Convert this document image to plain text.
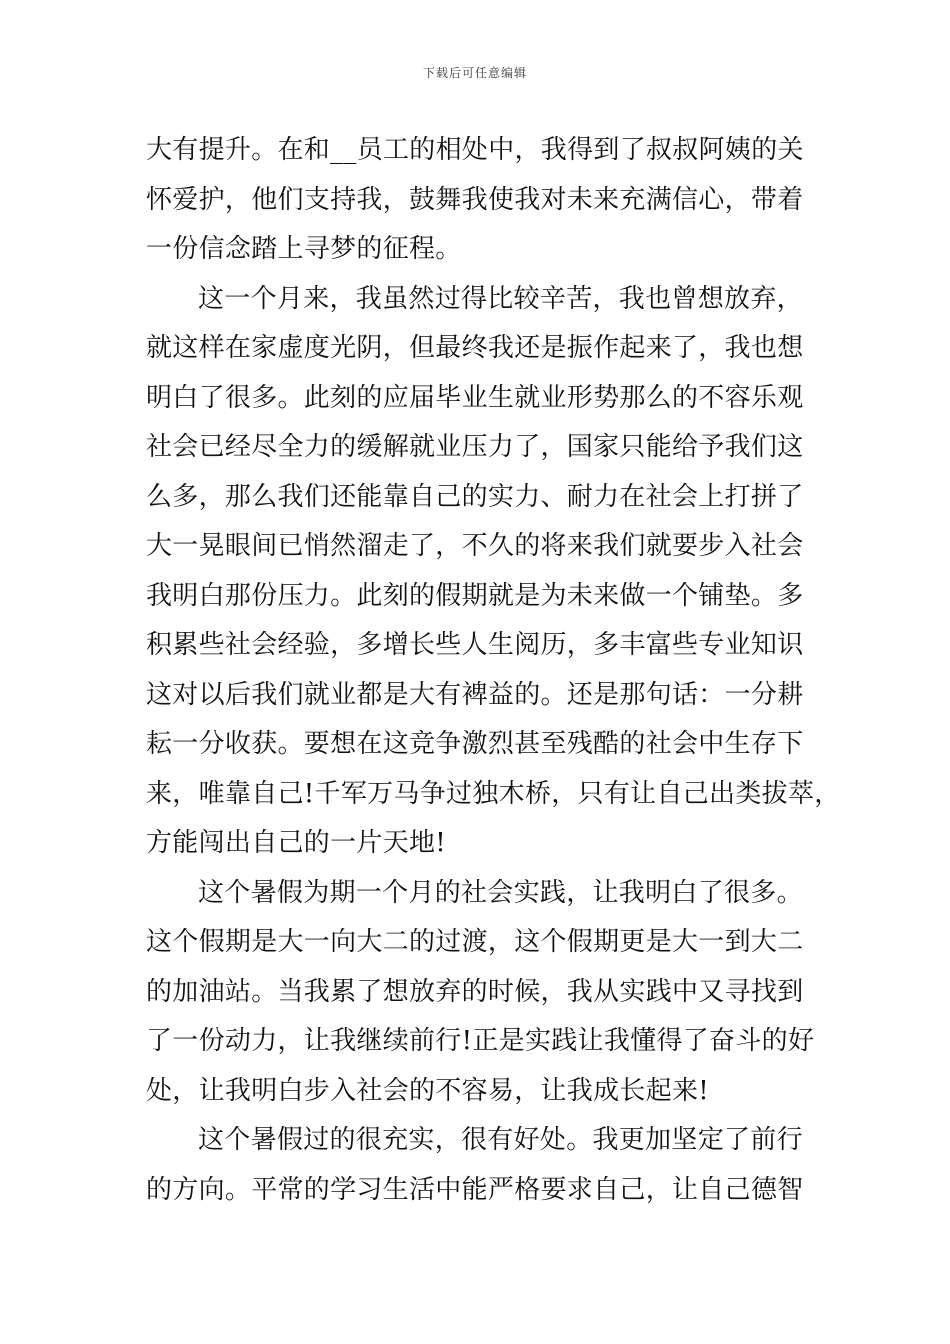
下载后可任意编辑
大有提升。在和__员工的相处中，我得到了叔叔阿姨的关
怀爱护，他们支持我，鼓舞我使我对未来充满信心，带着
一份信念踏上寻梦的征程。
这一个月来，我虽然过得比较辛苦，我也曾想放弃，
就这样在家虚度光阴，但最终我还是振作起来了，我也想
明白了很多。此刻的应届毕业生就业形势那么的不容乐观
社会已经尽全力的缓解就业压力了，国家只能给予我们这
么多，那么我们还能靠自己的实力、耐力在社会上打拼了
大一晃眼间已悄然溜走了，不久的将来我们就要步入社会
我明白那份压力。此刻的假期就是为未来做一个铺垫。多
积累些社会经验，多增长些人生阅历，多丰富些专业知识
这对以后我们就业都是大有裨益的。还是那句话：一分耕
耘一分收获。要想在这竞争激烈甚至残酷的社会中生存下
来，唯靠自己!千军万马争过独木桥，只有让自己出类拔萃，
方能闯出自己的一片天地!
这个暑假为期一个月的社会实践，让我明白了很多。
这个假期是大一向大二的过渡，这个假期更是大一到大二
的加油站。当我累了想放弃的时候，我从实践中又寻找到
了一份动力，让我继续前行!正是实践让我懂得了奋斗的好
处，让我明白步入社会的不容易，让我成长起来!
这个暑假过的很充实，很有好处。我更加坚定了前行
的方向。平常的学习生活中能严格要求自己，让自己德智
